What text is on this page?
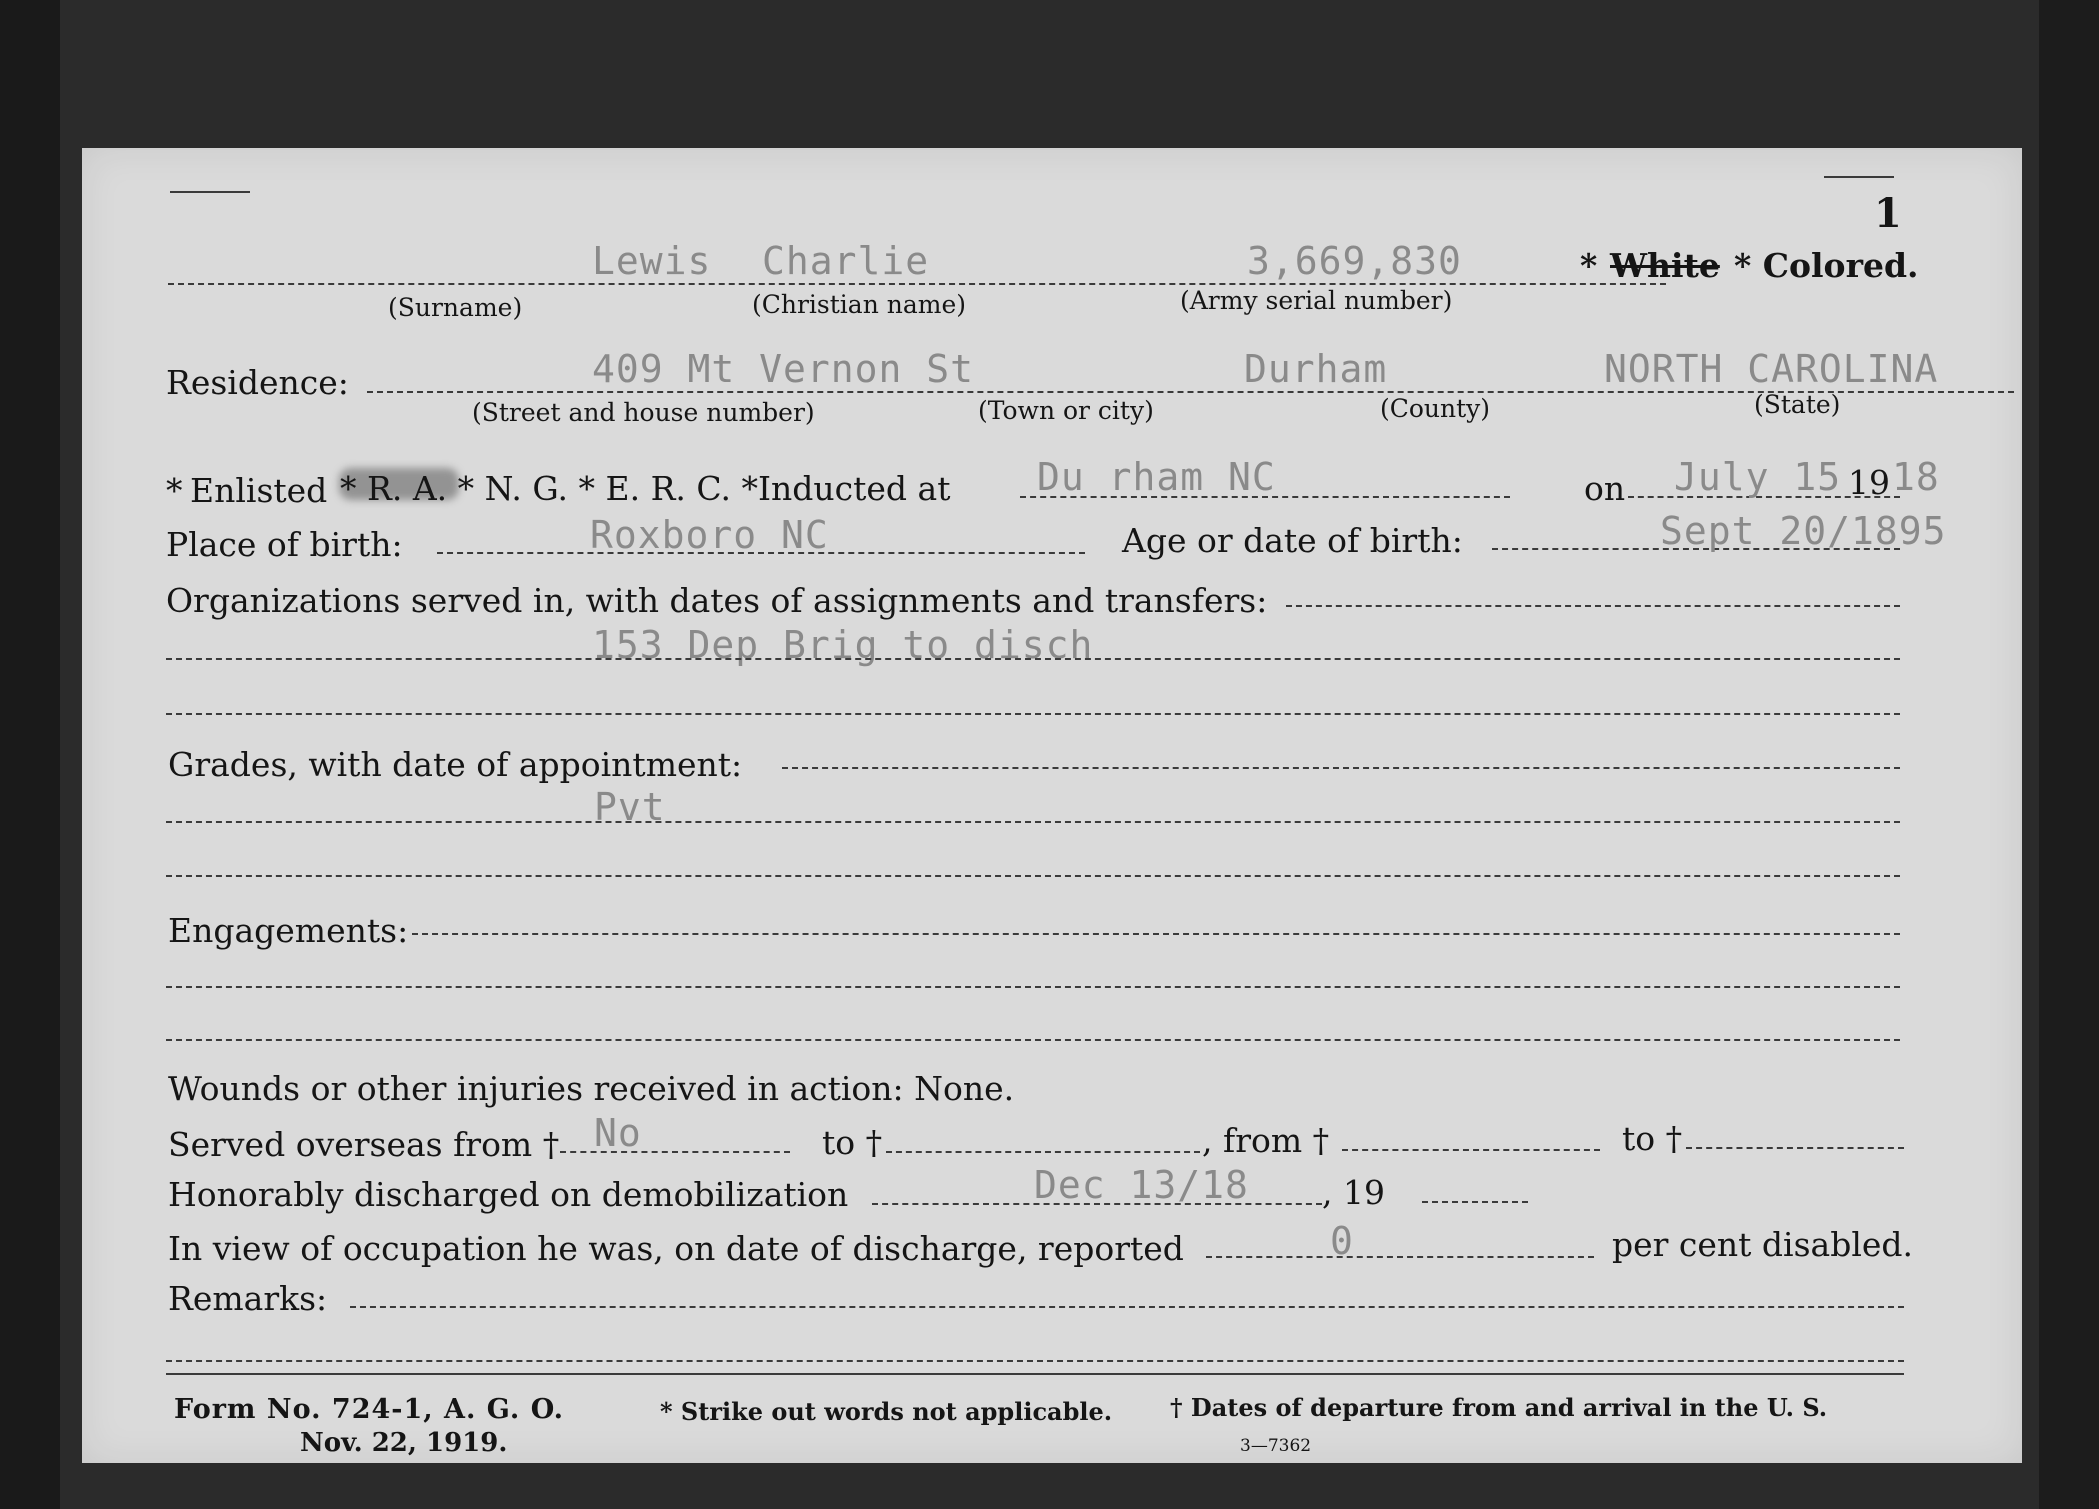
1
Lewis Charlie	3,669,830	* White * Colored.
(Surname)	(Christian name)	(Army serial number)
Residence:	409 Mt Vernon St	Durham	NORTH CAROLINA
(Street and house number)	(Town or city)	(County)	(State)
* Enlisted * R. A. * N. G. * E. R. C. *Inducted at Du rham NC	on July 15 19 18
Place of birth:	Roxboro NC	Age or date of birth:	Sept 20/1895
Organizations served in, with dates of assignments and transfers:
153 Dep Brig to disch
Grades, with date of appointment:
Pvt
Engagements:
Wounds or other injuries received in action: None.
Served overseas from † No	to †	, from †	to †
Honorably discharged on demobilization	Dec 13/18 , 19
In view of occupation he was, on date of discharge, reported	0	per cent disabled.
Remarks:
Form No. 724-1, A. G. O.
Nov. 22, 1919.
* Strike out words not applicable. † Dates of departure from and arrival in the U. S.
3—7362
